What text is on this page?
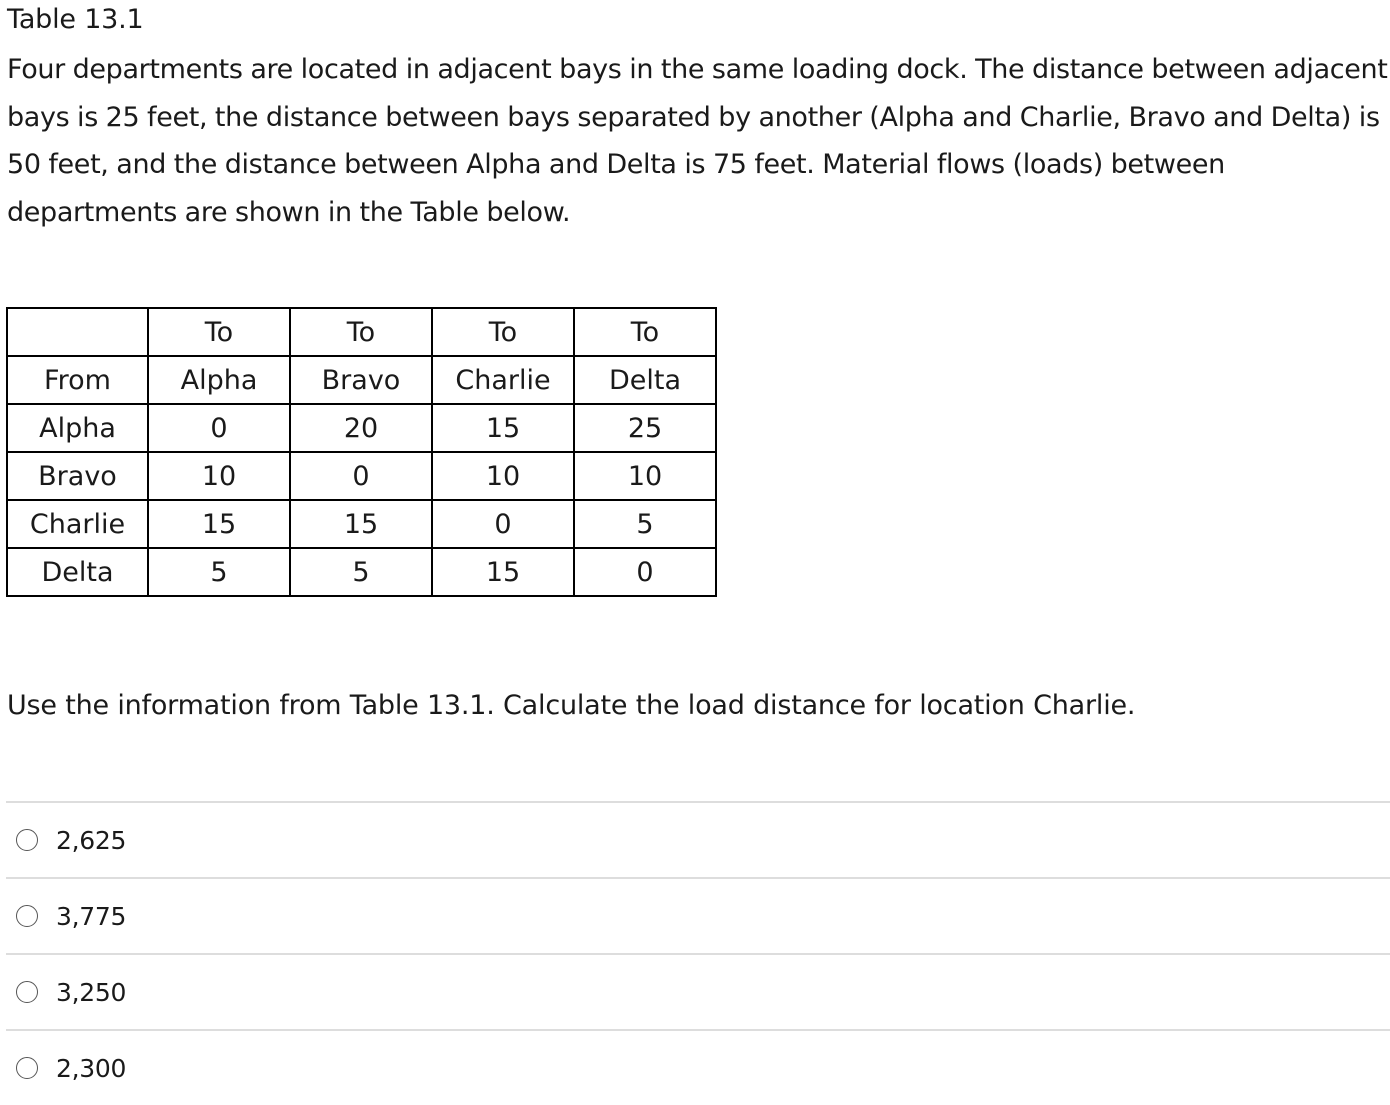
Table 13.1
Four departments are located in adjacent bays in the same loading dock. The distance between adjacent bays is 25 feet, the distance between bays separated by another (Alpha and Charlie, Bravo and Delta) is 50 feet, and the distance between Alpha and Delta is 75 feet. Material flows (loads) between departments are shown in the Table below.
	To	To	To	To
From	Alpha	Bravo	Charlie	Delta
Alpha	0	20	15	25
Bravo	10	0	10	10
Charlie	15	15	0	5
Delta	5	5	15	0
Use the information from Table 13.1. Calculate the load distance for location Charlie.
2,625
3,775
3,250
2,300
